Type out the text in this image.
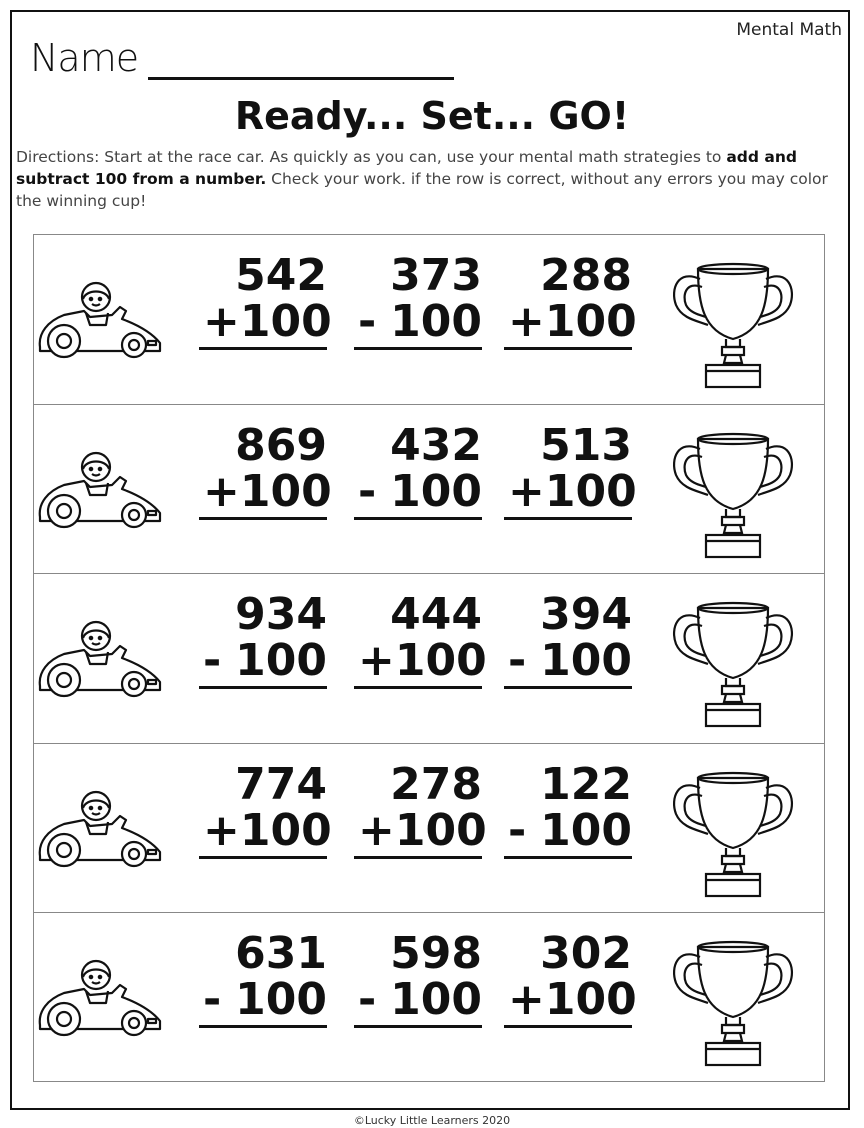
Mental Math
Name
Ready... Set... GO!
Directions: Start at the race car. As quickly as you can, use your mental math strategies to add and subtract 100 from a number. Check your work. if the row is correct, without any errors you may color the winning cup!
542
+ 100
373
- 100
288
+ 100
869
+ 100
432
- 100
513
+ 100
934
- 100
444
+ 100
394
- 100
774
+ 100
278
+ 100
122
- 100
631
- 100
598
- 100
302
+ 100
©Lucky Little Learners 2020
